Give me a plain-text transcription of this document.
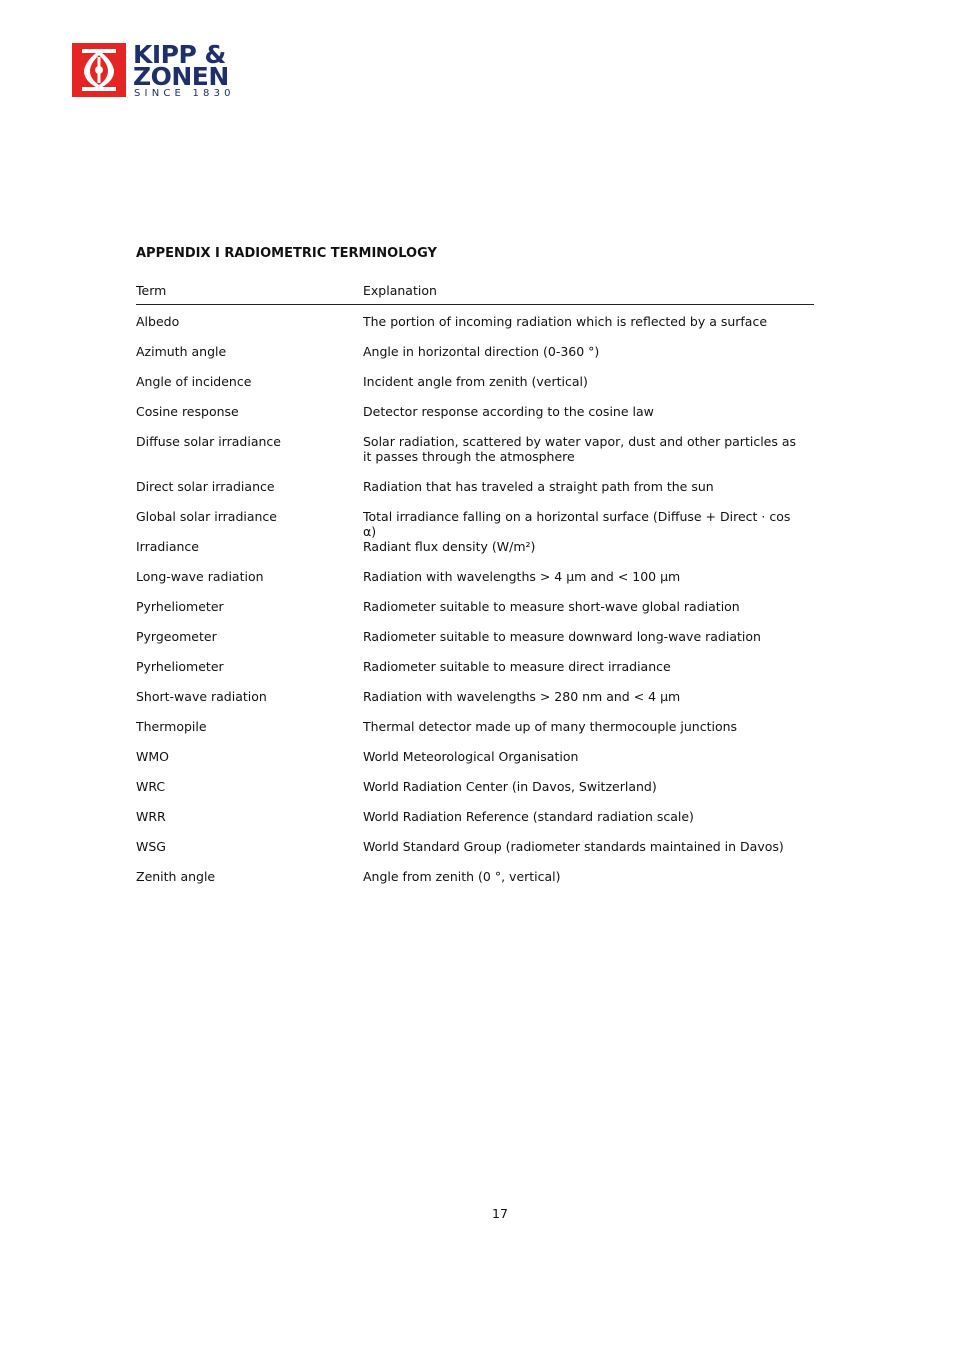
KIPP &
ZONEN
SINCE 1830
APPENDIX I RADIOMETRIC TERMINOLOGY
Term	Explanation
Albedo	The portion of incoming radiation which is reflected by a surface
Azimuth angle	Angle in horizontal direction (0-360 °)
Angle of incidence	Incident angle from zenith (vertical)
Cosine response	Detector response according to the cosine law
Diffuse solar irradiance	Solar radiation, scattered by water vapor, dust and other particles as it passes through the atmosphere
Direct solar irradiance	Radiation that has traveled a straight path from the sun
Global solar irradiance	Total irradiance falling on a horizontal surface (Diffuse + Direct · cos α)
Irradiance	Radiant flux density (W/m²)
Long-wave radiation	Radiation with wavelengths > 4 µm and < 100 µm
Pyrheliometer	Radiometer suitable to measure short-wave global radiation
Pyrgeometer	Radiometer suitable to measure downward long-wave radiation
Pyrheliometer	Radiometer suitable to measure direct irradiance
Short-wave radiation	Radiation with wavelengths > 280 nm and < 4 µm
Thermopile	Thermal detector made up of many thermocouple junctions
WMO	World Meteorological Organisation
WRC	World Radiation Center (in Davos, Switzerland)
WRR	World Radiation Reference (standard radiation scale)
WSG	World Standard Group (radiometer standards maintained in Davos)
Zenith angle	Angle from zenith (0 °, vertical)
17
